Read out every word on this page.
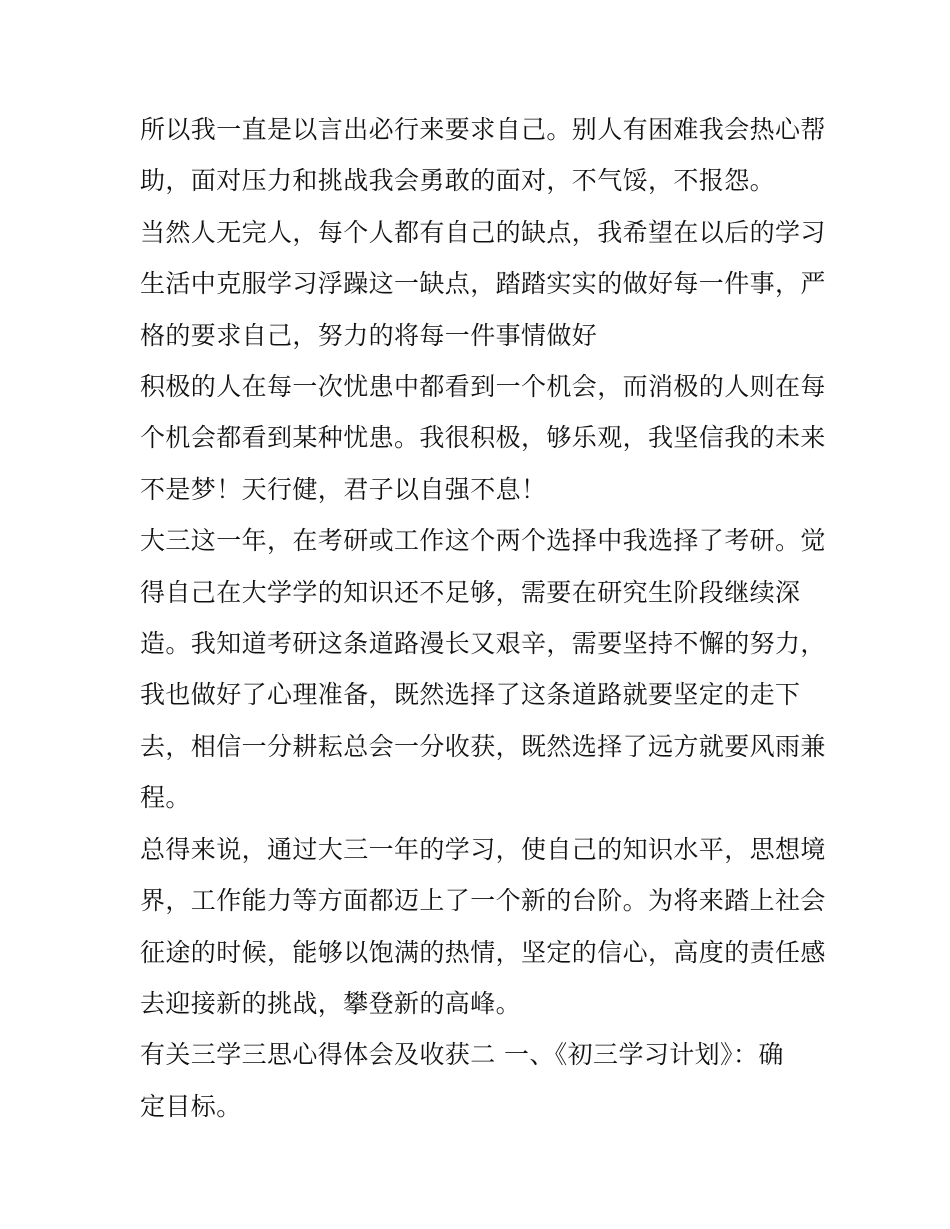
所以我一直是以言出必行来要求自己。别人有困难我会热心帮
助，面对压力和挑战我会勇敢的面对，不气馁，不报怨。

当然人无完人，每个人都有自己的缺点，我希望在以后的学习
生活中克服学习浮躁这一缺点，踏踏实实的做好每一件事，严
格的要求自己，努力的将每一件事情做好

积极的人在每一次忧患中都看到一个机会，而消极的人则在每
个机会都看到某种忧患。我很积极，够乐观，我坚信我的未来
不是梦！天行健，君子以自强不息！

大三这一年，在考研或工作这个两个选择中我选择了考研。觉
得自己在大学学的知识还不足够，需要在研究生阶段继续深
造。我知道考研这条道路漫长又艰辛，需要坚持不懈的努力，
我也做好了心理准备，既然选择了这条道路就要坚定的走下
去，相信一分耕耘总会一分收获，既然选择了远方就要风雨兼
程。

总得来说，通过大三一年的学习，使自己的知识水平，思想境
界，工作能力等方面都迈上了一个新的台阶。为将来踏上社会
征途的时候，能够以饱满的热情，坚定的信心，高度的责任感
去迎接新的挑战，攀登新的高峰。

有关三学三思心得体会及收获二 一、《初三学习计划》：确
定目标。
